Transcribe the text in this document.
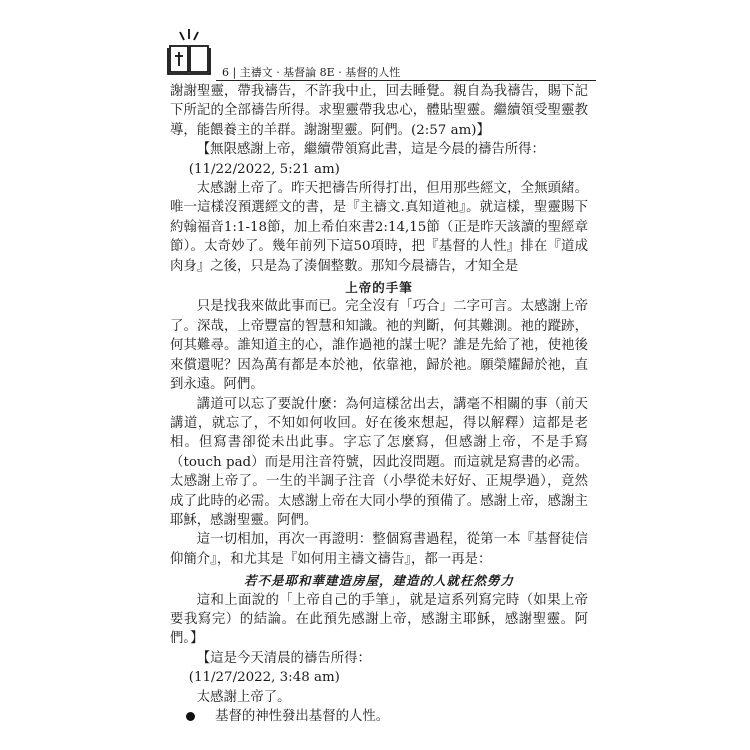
6 | 主禱文 · 基督論 8E · 基督的人性

謝謝聖靈，帶我禱告，不許我中止，回去睡覺。親自為我禱告，賜下記下所記的全部禱告所得。求聖靈帶我忠心，體貼聖靈。繼續領受聖靈教導，能餵養主的羊群。謝謝聖靈。阿們。(2:57 am)】

【無限感謝上帝，繼續帶領寫此書，這是今晨的禱告所得：

(11/22/2022, 5:21 am)

太感謝上帝了。昨天把禱告所得打出，但用那些經文，全無頭緒。唯一這樣沒預選經文的書，是『主禱文.真知道祂』。就這樣，聖靈賜下約翰福音1:1-18節，加上希伯來書2:14,15節（正是昨天該讀的聖經章節）。太奇妙了。幾年前列下這50項時，把『基督的人性』排在『道成肉身』之後，只是為了湊個整數。那知今晨禱告，才知全是

上帝的手筆

只是找我來做此事而已。完全沒有「巧合」二字可言。太感謝上帝了。深哉，上帝豐富的智慧和知識。祂的判斷，何其難測。祂的蹤跡，何其難尋。誰知道主的心，誰作過祂的謀士呢？誰是先給了祂，使祂後來償還呢？因為萬有都是本於祂，依靠祂，歸於祂。願榮耀歸於祂，直到永遠。阿們。

講道可以忘了要說什麼：為何這樣岔出去，講毫不相關的事（前天講道，就忘了，不知如何收回。好在後來想起，得以解釋）這都是老相。但寫書卻從未出此事。字忘了怎麼寫，但感謝上帝，不是手寫（touch pad）而是用注音符號，因此沒問題。而這就是寫書的必需。太感謝上帝了。一生的半調子注音（小學從未好好、正規學過），竟然成了此時的必需。太感謝上帝在大同小學的預備了。感謝上帝，感謝主耶穌，感謝聖靈。阿們。

這一切相加，再次一再證明：整個寫書過程，從第一本『基督徒信仰簡介』，和尤其是『如何用主禱文禱告』，都一再是：

若不是耶和華建造房屋，建造的人就枉然勞力

這和上面說的「上帝自己的手筆」，就是這系列寫完時（如果上帝要我寫完）的結論。在此預先感謝上帝，感謝主耶穌，感謝聖靈。阿們。】

【這是今天清晨的禱告所得：

(11/27/2022, 3:48 am)

太感謝上帝了。

基督的神性發出基督的人性。
